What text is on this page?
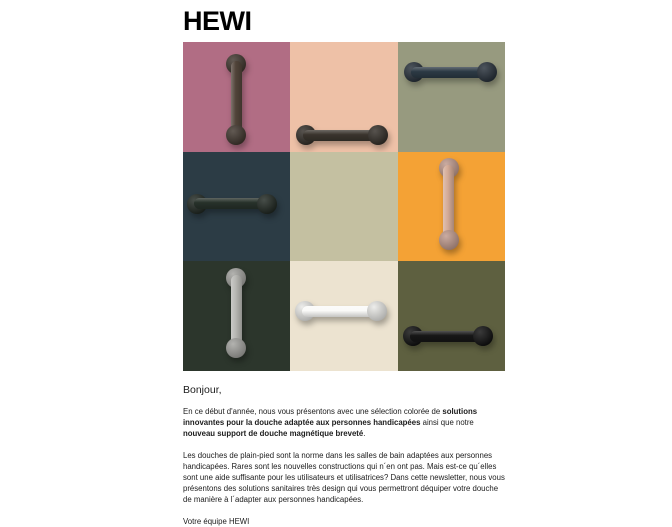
HEWI

Bonjour,

En ce début d'année, nous vous présentons avec une sélection colorée de solutions innovantes pour la douche adaptée aux personnes handicapées ainsi que notre nouveau support de douche magnétique breveté.

Les douches de plain-pied sont la norme dans les salles de bain adaptées aux personnes handicapées. Rares sont les nouvelles constructions qui n´en ont pas. Mais est-ce qu´elles sont une aide suffisante pour les utilisateurs et utilisatrices? Dans cette newsletter, nous vous présentons des solutions sanitaires très design qui vous permettront déquiper votre douche de manière à l´adapter aux personnes handicapées.

Votre équipe HEWI
